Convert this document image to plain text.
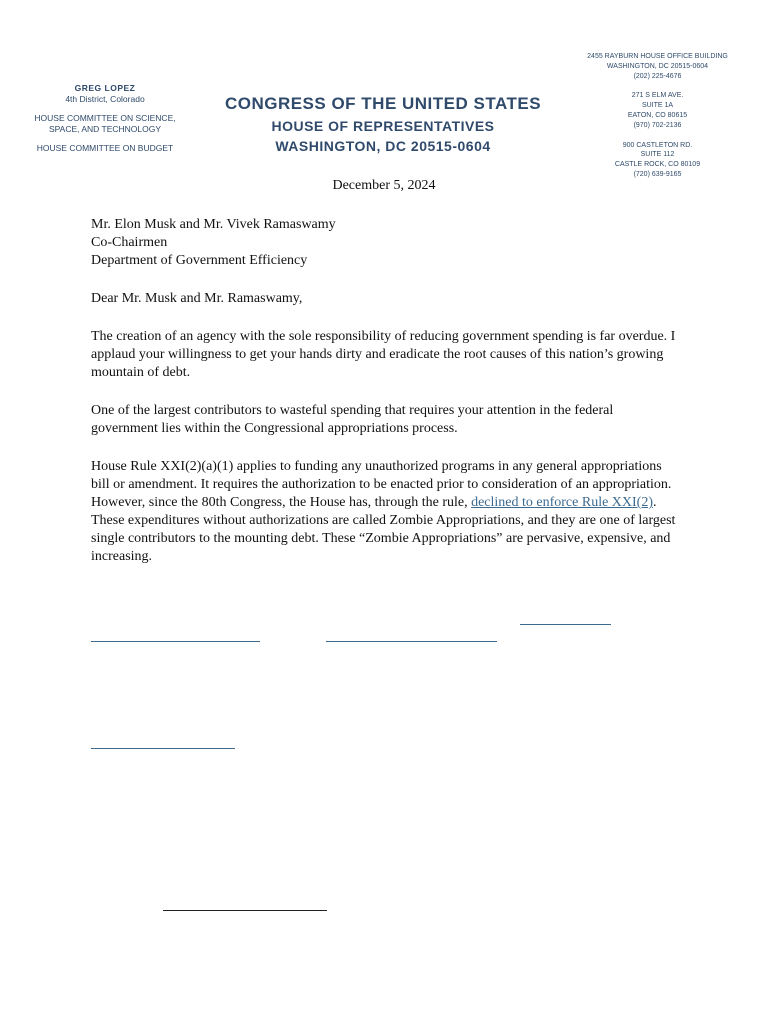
GREG LOPEZ
4th District, Colorado
HOUSE COMMITTEE ON SCIENCE,
SPACE, AND TECHNOLOGY
HOUSE COMMITTEE ON BUDGET
CONGRESS OF THE UNITED STATES
HOUSE OF REPRESENTATIVES
WASHINGTON, DC 20515-0604
2455 RAYBURN HOUSE OFFICE BUILDING
WASHINGTON, DC 20515-0604
(202) 225-4676
271 S ELM AVE.
SUITE 1A
EATON, CO 80615
(970) 702-2136
900 CASTLETON RD.
SUITE 112
CASTLE ROCK, CO 80109
(720) 639-9165
December 5, 2024
Mr. Elon Musk and Mr. Vivek Ramaswamy
Co-Chairmen
Department of Government Efficiency

Dear Mr. Musk and Mr. Ramaswamy,

The creation of an agency with the sole responsibility of reducing government spending is far overdue. I applaud your willingness to get your hands dirty and eradicate the root causes of this nation’s growing mountain of debt.

One of the largest contributors to wasteful spending that requires your attention in the federal government lies within the Congressional appropriations process.

House Rule XXI(2)(a)(1) applies to funding any unauthorized programs in any general appropriations bill or amendment. It requires the authorization to be enacted prior to consideration of an appropriation. However, since the 80th Congress, the House has, through the rule, declined to enforce Rule XXI(2). These expenditures without authorizations are called Zombie Appropriations, and they are one of largest single contributors to the mounting debt. These “Zombie Appropriations” are pervasive, expensive, and increasing.
